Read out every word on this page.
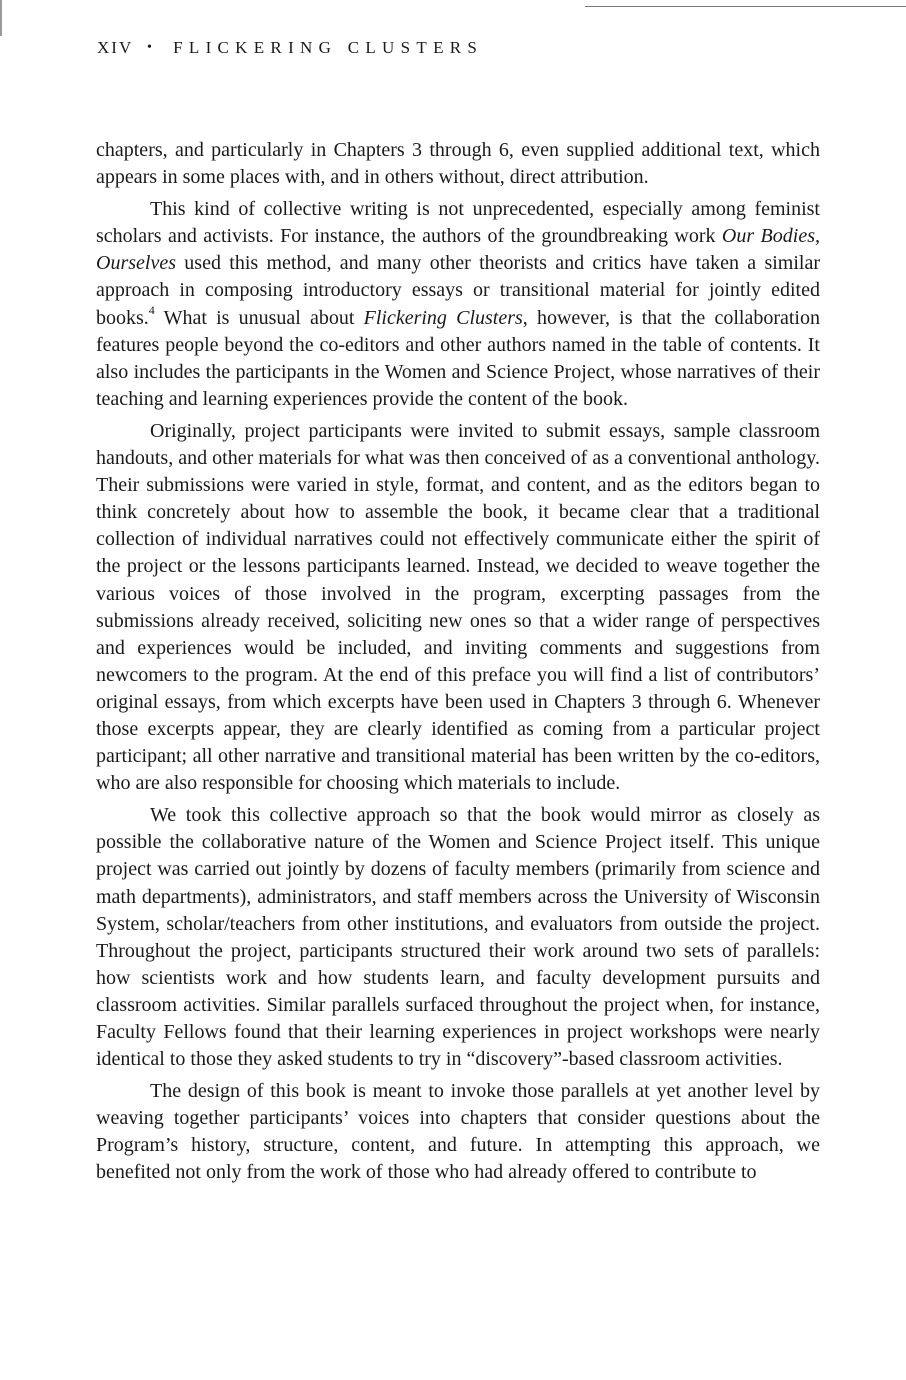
XIV • FLICKERING CLUSTERS

chapters, and particularly in Chapters 3 through 6, even supplied additional text, which appears in some places with, and in others without, direct attribution.

This kind of collective writing is not unprecedented, especially among feminist scholars and activists. For instance, the authors of the groundbreaking work Our Bodies, Ourselves used this method, and many other theorists and critics have taken a similar approach in composing introductory essays or transitional material for jointly edited books.$^4$ What is unusual about Flickering Clusters, however, is that the collaboration features people beyond the co-editors and other authors named in the table of contents. It also includes the participants in the Women and Science Project, whose narratives of their teaching and learning experiences provide the content of the book.

Originally, project participants were invited to submit essays, sample classroom handouts, and other materials for what was then conceived of as a conventional anthology. Their submissions were varied in style, format, and content, and as the editors began to think concretely about how to assemble the book, it became clear that a traditional collection of individual narratives could not effectively communicate either the spirit of the project or the lessons participants learned. Instead, we decided to weave together the various voices of those involved in the program, excerpting passages from the submissions already received, soliciting new ones so that a wider range of perspectives and experiences would be included, and inviting comments and suggestions from newcomers to the program. At the end of this preface you will find a list of contributors’ original essays, from which excerpts have been used in Chapters 3 through 6. Whenever those excerpts appear, they are clearly identified as coming from a particular project participant; all other narrative and transitional material has been written by the co-editors, who are also responsible for choosing which materials to include.

We took this collective approach so that the book would mirror as closely as possible the collaborative nature of the Women and Science Project itself. This unique project was carried out jointly by dozens of faculty members (primarily from science and math departments), administrators, and staff members across the University of Wisconsin System, scholar/teachers from other institutions, and evaluators from outside the project. Throughout the project, participants structured their work around two sets of parallels: how scientists work and how students learn, and faculty development pursuits and classroom activities. Similar parallels surfaced throughout the project when, for instance, Faculty Fellows found that their learning experiences in project workshops were nearly identical to those they asked students to try in “discovery”-based classroom activities.

The design of this book is meant to invoke those parallels at yet another level by weaving together participants’ voices into chapters that consider questions about the Program’s history, structure, content, and future. In attempting this approach, we benefited not only from the work of those who had already offered to contribute to
